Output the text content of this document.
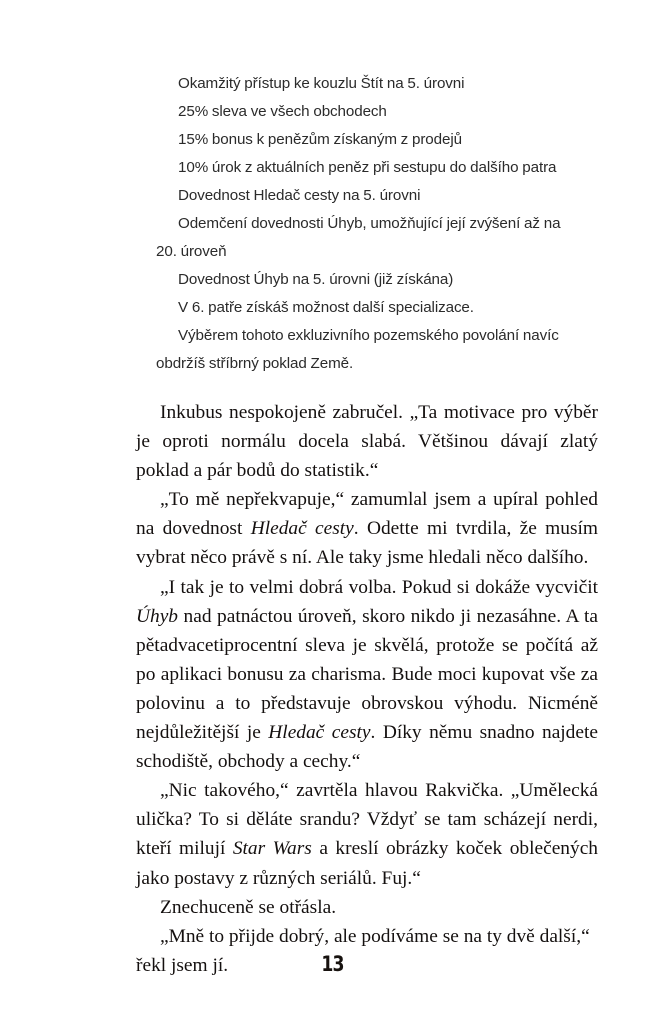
Okamžitý přístup ke kouzlu Štít na 5. úrovni
25% sleva ve všech obchodech
15% bonus k penězům získaným z prodejů
10% úrok z aktuálních peněz při sestupu do dalšího patra
Dovednost Hledač cesty na 5. úrovni
Odemčení dovednosti Úhyb, umožňující její zvýšení až na 20. úroveň
Dovednost Úhyb na 5. úrovni (již získána)
V 6. patře získáš možnost další specializace.
Výběrem tohoto exkluzivního pozemského povolání navíc obdržíš stříbrný poklad Země.

Inkubus nespokojeně zabručel. „Ta motivace pro výběr je oproti normálu docela slabá. Většinou dávají zlatý poklad a pár bodů do statistik.“

„To mě nepřekvapuje,“ zamumlal jsem a upíral pohled na dovednost Hledač cesty. Odette mi tvrdila, že musím vybrat něco právě s ní. Ale taky jsme hledali něco dalšího.

„I tak je to velmi dobrá volba. Pokud si dokáže vycvičit Úhyb nad patnáctou úroveň, skoro nikdo ji nezasáhne. A ta pětadvacetiprocentní sleva je skvělá, protože se počítá až po aplikaci bonusu za charisma. Bude moci kupovat vše za polovinu a to představuje obrovskou výhodu. Nicméně nejdůležitější je Hledač cesty. Díky němu snadno najdete schodiště, obchody a cechy.“

„Nic takového,“ zavrtěla hlavou Rakvička. „Umělecká ulička? To si děláte srandu? Vždyť se tam scházejí nerdi, kteří milují Star Wars a kreslí obrázky koček oblečených jako postavy z různých seriálů. Fuj.“

Znechuceně se otřásla.

„Mně to přijde dobrý, ale podíváme se na ty dvě další,“ řekl jsem jí.	13
